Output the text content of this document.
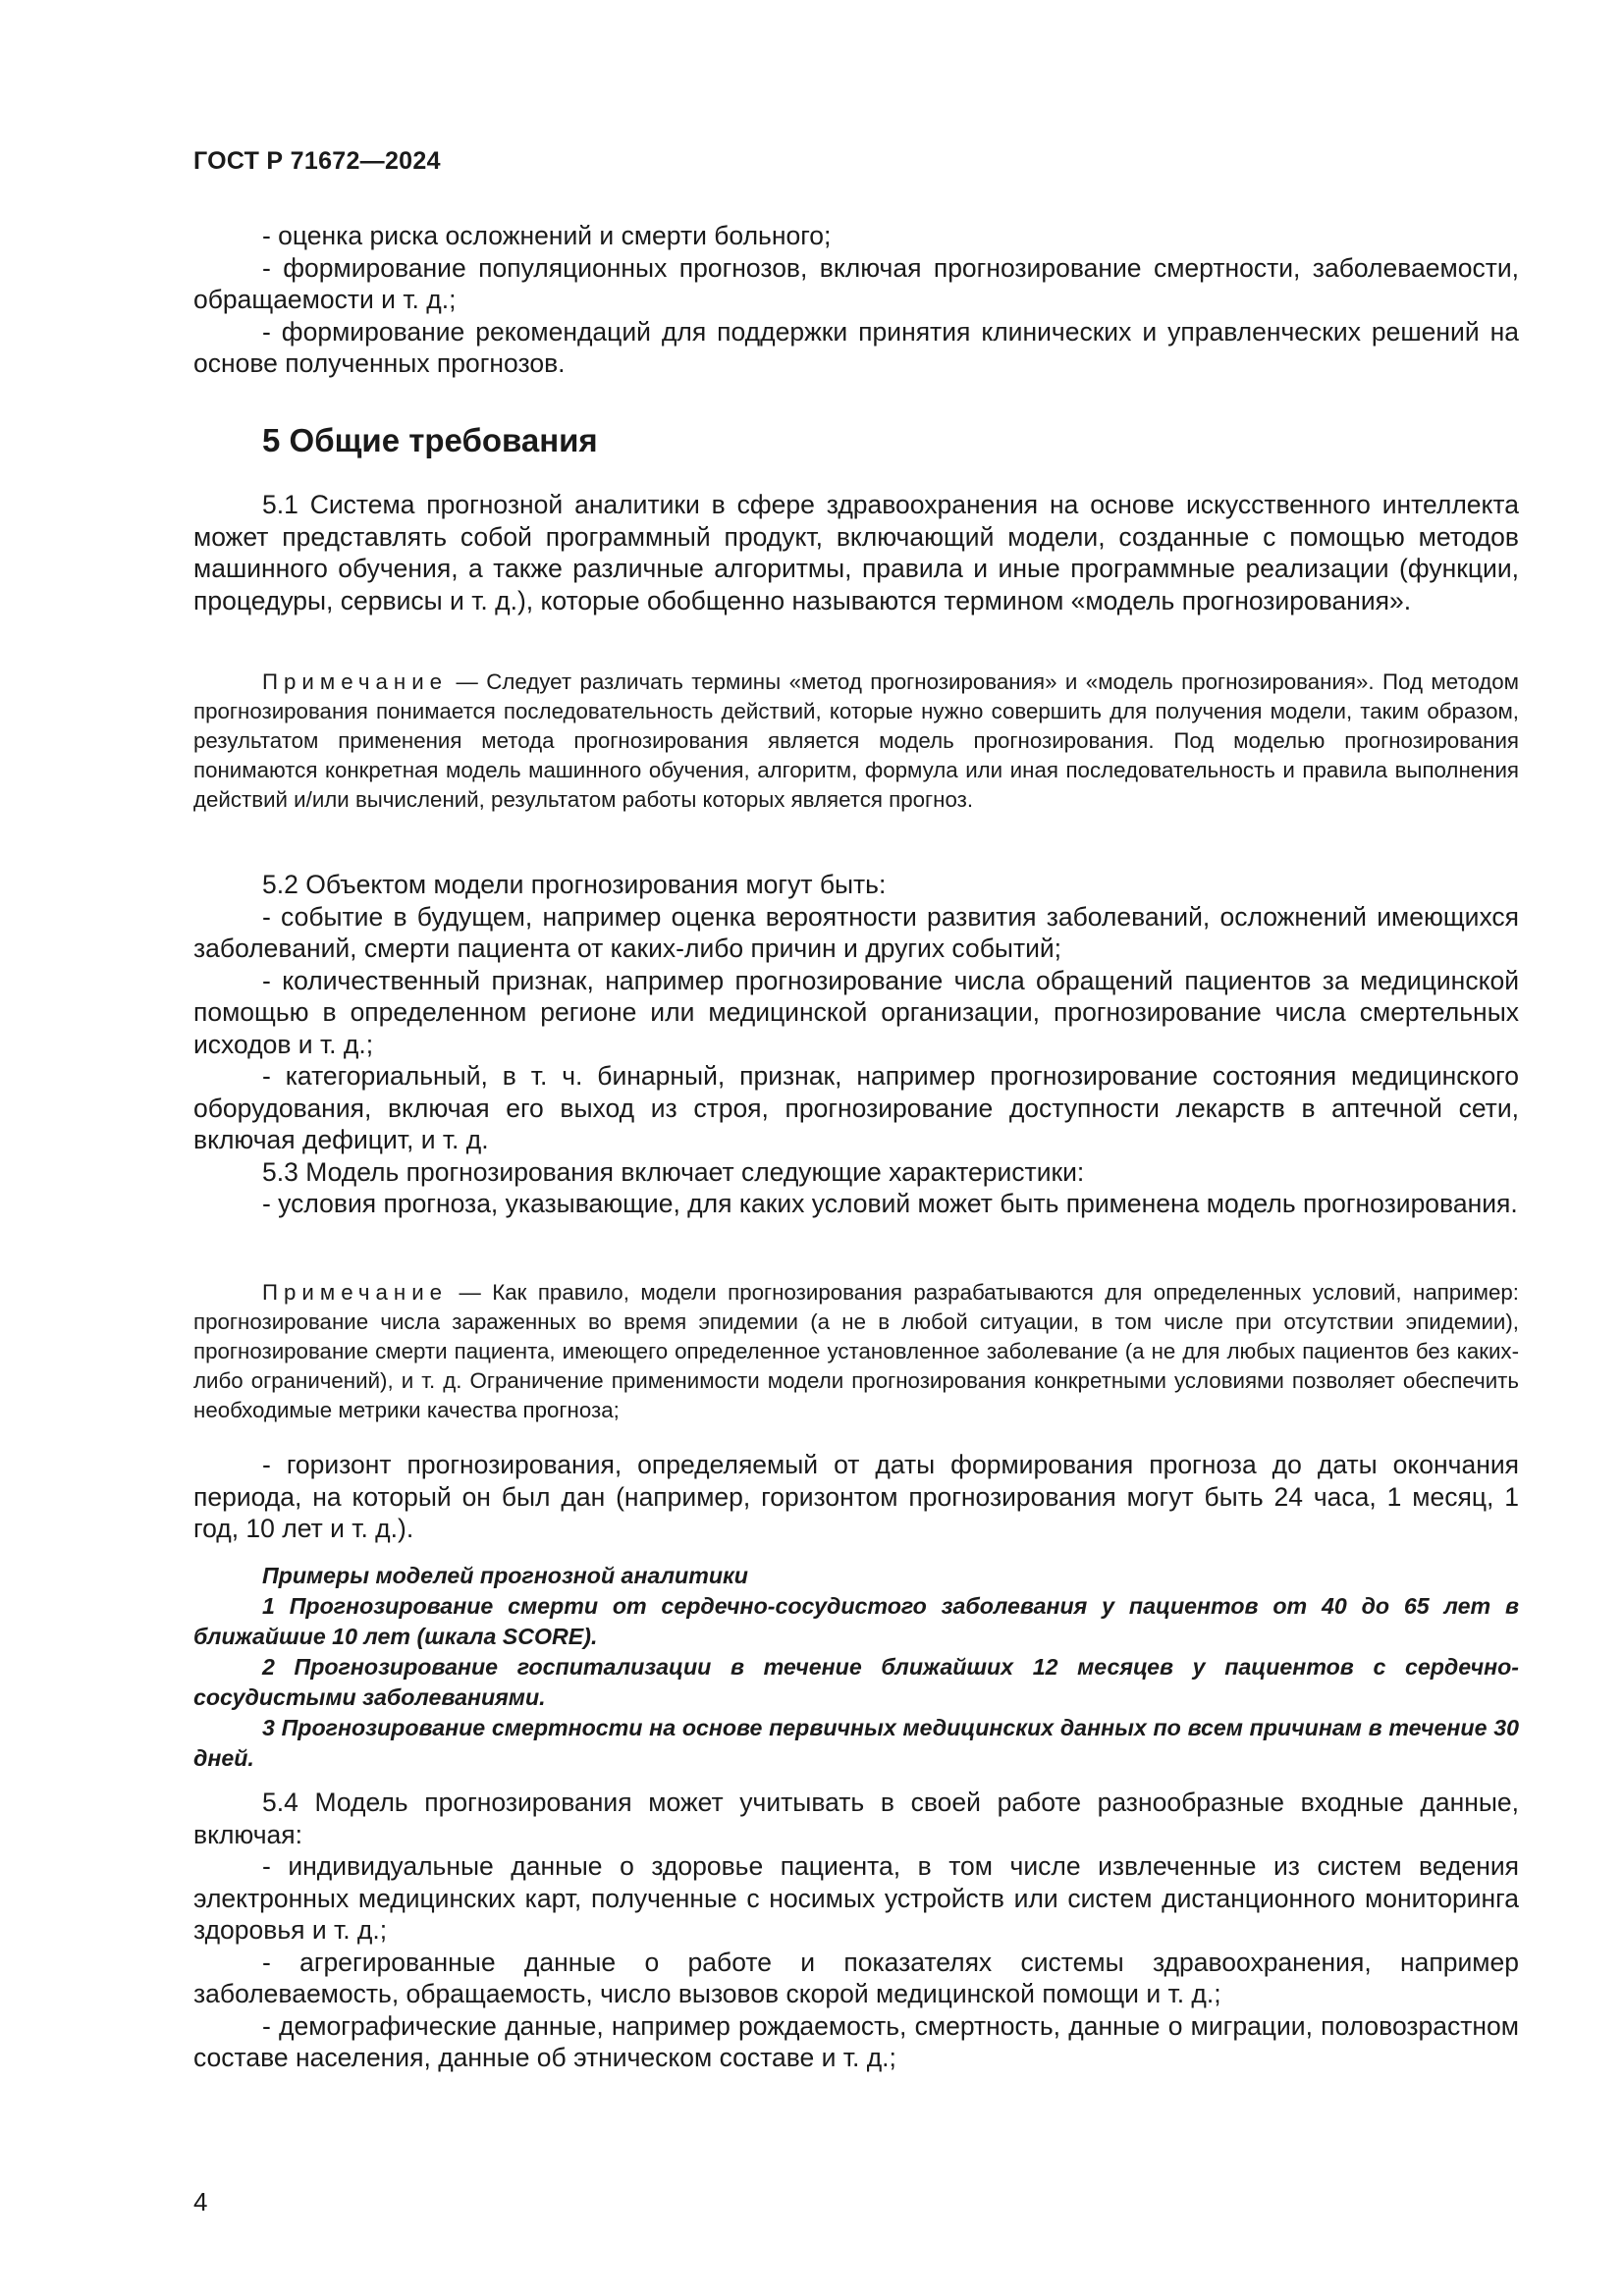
ГОСТ Р 71672—2024

- оценка риска осложнений и смерти больного;

- формирование популяционных прогнозов, включая прогнозирование смертности, заболеваемости, обращаемости и т. д.;

- формирование рекомендаций для поддержки принятия клинических и управленческих решений на основе полученных прогнозов.

5 Общие требования

5.1 Система прогнозной аналитики в сфере здравоохранения на основе искусственного интеллекта может представлять собой программный продукт, включающий модели, созданные с помощью методов машинного обучения, а также различные алгоритмы, правила и иные программные реализации (функции, процедуры, сервисы и т. д.), которые обобщенно называются термином «модель прогнозирования».

Примечание — Следует различать термины «метод прогнозирования» и «модель прогнозирования». Под методом прогнозирования понимается последовательность действий, которые нужно совершить для получения модели, таким образом, результатом применения метода прогнозирования является модель прогнозирования. Под моделью прогнозирования понимаются конкретная модель машинного обучения, алгоритм, формула или иная последовательность и правила выполнения действий и/или вычислений, результатом работы которых является прогноз.

5.2 Объектом модели прогнозирования могут быть:

- событие в будущем, например оценка вероятности развития заболеваний, осложнений имеющихся заболеваний, смерти пациента от каких-либо причин и других событий;

- количественный признак, например прогнозирование числа обращений пациентов за медицинской помощью в определенном регионе или медицинской организации, прогнозирование числа смертельных исходов и т. д.;

- категориальный, в т. ч. бинарный, признак, например прогнозирование состояния медицинского оборудования, включая его выход из строя, прогнозирование доступности лекарств в аптечной сети, включая дефицит, и т. д.

5.3 Модель прогнозирования включает следующие характеристики:

- условия прогноза, указывающие, для каких условий может быть применена модель прогнозирования.

Примечание — Как правило, модели прогнозирования разрабатываются для определенных условий, например: прогнозирование числа зараженных во время эпидемии (а не в любой ситуации, в том числе при отсутствии эпидемии), прогнозирование смерти пациента, имеющего определенное установленное заболевание (а не для любых пациентов без каких-либо ограничений), и т. д. Ограничение применимости модели прогнозирования конкретными условиями позволяет обеспечить необходимые метрики качества прогноза;

- горизонт прогнозирования, определяемый от даты формирования прогноза до даты окончания периода, на который он был дан (например, горизонтом прогнозирования могут быть 24 часа, 1 месяц, 1 год, 10 лет и т. д.).

Примеры моделей прогнозной аналитики

1 Прогнозирование смерти от сердечно-сосудистого заболевания у пациентов от 40 до 65 лет в ближайшие 10 лет (шкала SCORE).

2 Прогнозирование госпитализации в течение ближайших 12 месяцев у пациентов с сердечно-сосудистыми заболеваниями.

3 Прогнозирование смертности на основе первичных медицинских данных по всем причинам в течение 30 дней.

5.4 Модель прогнозирования может учитывать в своей работе разнообразные входные данные, включая:

- индивидуальные данные о здоровье пациента, в том числе извлеченные из систем ведения электронных медицинских карт, полученные с носимых устройств или систем дистанционного мониторинга здоровья и т. д.;

- агрегированные данные о работе и показателях системы здравоохранения, например заболеваемость, обращаемость, число вызовов скорой медицинской помощи и т. д.;

- демографические данные, например рождаемость, смертность, данные о миграции, половозрастном составе населения, данные об этническом составе и т. д.;

4
